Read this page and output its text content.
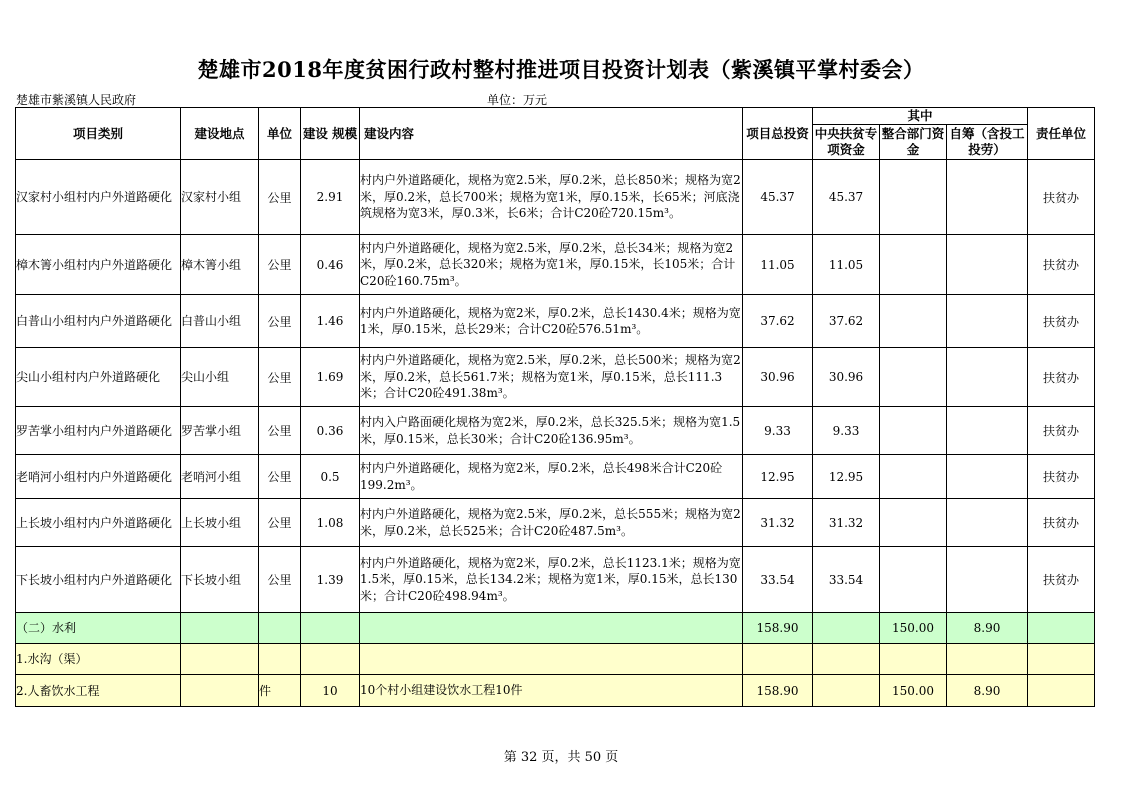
楚雄市2018年度贫困行政村整村推进项目投资计划表（紫溪镇平掌村委会）
楚雄市紫溪镇人民政府	单位：万元
项目类别	建设地点	单位	建设 规模	建设内容	项目总投资	其中			责任单位
						中央扶贫专项资金	整合部门资金	自筹（含投工投劳）	
汉家村小组村内户外道路硬化	汉家村小组	公里	2.91	村内户外道路硬化，规格为宽2.5米，厚0.2米，总长850米；规格为宽2米，厚0.2米，总长700米；规格为宽1米，厚0.15米，长65米；河底浇筑规格为宽3米，厚0.3米，长6米；合计C20砼720.15m³。	45.37	45.37			扶贫办
樟木箐小组村内户外道路硬化	樟木箐小组	公里	0.46	村内户外道路硬化，规格为宽2.5米，厚0.2米，总长34米；规格为宽2米，厚0.2米，总长320米；规格为宽1米，厚0.15米，长105米；合计C20砼160.75m³。	11.05	11.05			扶贫办
白普山小组村内户外道路硬化	白普山小组	公里	1.46	村内户外道路硬化，规格为宽2米，厚0.2米，总长1430.4米；规格为宽1米，厚0.15米，总长29米；合计C20砼576.51m³。	37.62	37.62			扶贫办
尖山小组村内户外道路硬化	尖山小组	公里	1.69	村内户外道路硬化，规格为宽2.5米，厚0.2米，总长500米；规格为宽2米，厚0.2米，总长561.7米；规格为宽1米，厚0.15米，总长111.3米；合计C20砼491.38m³。	30.96	30.96			扶贫办
罗苦掌小组村内户外道路硬化	罗苦掌小组	公里	0.36	村内入户路面硬化规格为宽2米，厚0.2米，总长325.5米；规格为宽1.5米，厚0.15米，总长30米；合计C20砼136.95m³。	9.33	9.33			扶贫办
老哨河小组村内户外道路硬化	老哨河小组	公里	0.5	村内户外道路硬化，规格为宽2米，厚0.2米，总长498米合计C20砼199.2m³。	12.95	12.95			扶贫办
上长坡小组村内户外道路硬化	上长坡小组	公里	1.08	村内户外道路硬化，规格为宽2.5米，厚0.2米，总长555米；规格为宽2米，厚0.2米，总长525米；合计C20砼487.5m³。	31.32	31.32			扶贫办
下长坡小组村内户外道路硬化	下长坡小组	公里	1.39	村内户外道路硬化，规格为宽2米，厚0.2米，总长1123.1米；规格为宽1.5米，厚0.15米，总长134.2米；规格为宽1米，厚0.15米，总长130米；合计C20砼498.94m³。	33.54	33.54			扶贫办
（二）水利					158.90		150.00	8.90	
1.水沟（渠）									
2.人畜饮水工程		件	10	10个村小组建设饮水工程10件	158.90		150.00	8.90	
第 32 页，共 50 页
